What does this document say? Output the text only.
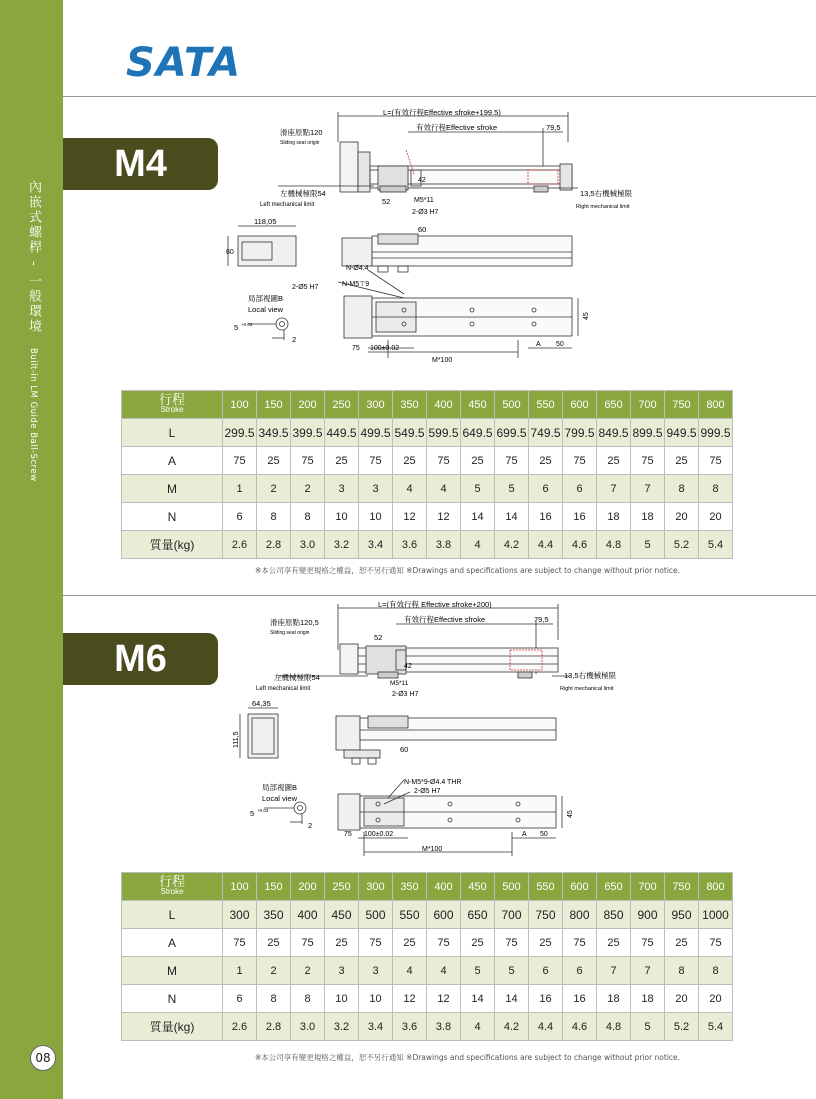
內嵌式螺桿 - 一般環境 Built-in LM Guide Ball-Screw
08
SATA
M4
L=(有效行程Effective sfroke+199.5)
有效行程Effective sfroke	79,5
滑座原點120
Sliding seat origin
左機械極限54
Left mechanical limit
13,5右機械極限
Right mechanical limit
52
42
M5*11
2-Ø3 H7
118,05
60
60
N-Ø4.4
N-M5⊤9
2-Ø5 H7
局部視圖B
Local view
5 +0.03
2
75 100±0.02
A 50
45
M*100
行程
Stroke	100	150	200	250	300	350	400	450	500	550	600	650	700	750	800
L	299.5	349.5	399.5	449.5	499.5	549.5	599.5	649.5	699.5	749.5	799.5	849.5	899.5	949.5	999.5
A	75	25	75	25	75	25	75	25	75	25	75	25	75	25	75
M	1	2	2	3	3	4	4	5	5	6	6	7	7	8	8
N	6	8	8	10	10	12	12	14	14	16	16	18	18	20	20
質量(kg)	2.6	2.8	3.0	3.2	3.4	3.6	3.8	4	4.2	4.4	4.6	4.8	5	5.2	5.4
※本公司享有變更規格之權益，恕不另行通知 ※Drawings and specifications are subject to change without prior notice.
M6
L=(有效行程 Effective sfroke+200)
有效行程Effective sfroke	79,5
滑座原點120,5
Sliding seat origin
左機械極限54
Left mechanical limit
13,5右機械極限
Right mechanical limit
52
42
M5*11
2-Ø3 H7
64,35
111,5
60
N-M5*9-Ø4.4 THR
2-Ø5 H7
局部視圖B
Local view
5 +0.03
2
75 100±0.02	A 50
45
M*100
行程
Stroke	100	150	200	250	300	350	400	450	500	550	600	650	700	750	800
L	300	350	400	450	500	550	600	650	700	750	800	850	900	950	1000
A	75	25	75	25	75	25	75	25	75	25	75	25	75	25	75
M	1	2	2	3	3	4	4	5	5	6	6	7	7	8	8
N	6	8	8	10	10	12	12	14	14	16	16	18	18	20	20
質量(kg)	2.6	2.8	3.0	3.2	3.4	3.6	3.8	4	4.2	4.4	4.6	4.8	5	5.2	5.4
※本公司享有變更規格之權益，恕不另行通知 ※Drawings and specifications are subject to change without prior notice.
